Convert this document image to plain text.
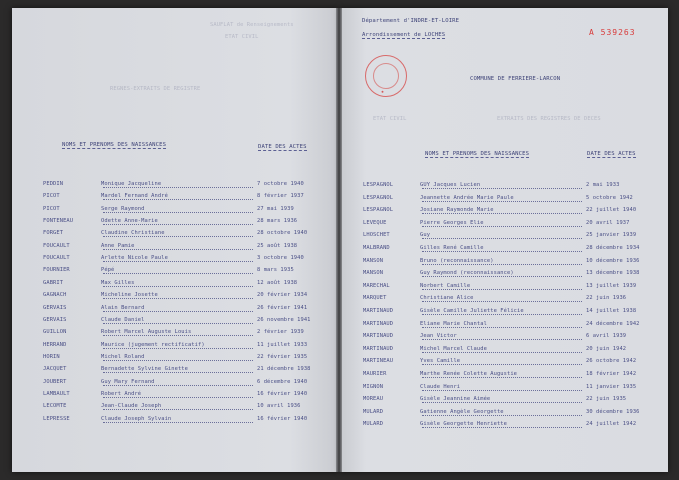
SAUFLAT de Renseignements
ETAT CIVIL
REGNES-EXTRAITS DE REGISTRE
NOMS ET PRENOMS DES NAISSANCES	DATE DES ACTES
PEDDIN	Monique Jacqueline	7 octobre 1940
PICOT	Mardel Fernand André	8 février 1937
PICOT	Serge Raymond	27 mai 1939
FONTENEAU	Odette Anne-Marie	28 mars 1936
FORGET	Claudine Christiane	28 octobre 1940
FOUCAULT	Anne Pamie	25 août 1938
FOUCAULT	Arlette Nicole Paule	3 octobre 1940
FOURNIER	Pépé	8 mars 1935
GABRIT	Max Gilles	12 août 1938
GAGNACH	Micheline Josette	20 février 1934
GERVAIS	Alain Bernard	26 février 1941
GERVAIS	Claude Daniel	26 novembre 1941
GUILLON	Robert Marcel Auguste Louis	2 février 1939
HERRAND	Maurice (jugement rectificatif)	11 juillet 1933
HORIN	Michel Roland	22 février 1935
JACQUET	Bernadette Sylvine Ginette	21 décembre 1938
JOUBERT	Guy Mary Fernand	6 décembre 1940
LAMBAULT	Robert André	16 février 1940
LECOMTE	Jean-Claude Joseph	10 avril 1936
LEPRESSE	Claude Joseph Sylvain	16 février 1940
Département d'INDRE-ET-LOIRE
Arrondissement de LOCHES	A 539263
★
COMMUNE DE FERRIERE-LARCON
ETAT CIVIL	EXTRAITS DES REGISTRES DE DECES
NOMS ET PRENOMS DES NAISSANCES	DATE DES ACTES
LESPAGNOL	GUY Jacques Lucien	2 mai 1933
LESPAGNOL	Jeannette Andrée Marie Paule	5 octobre 1942
LESPAGNOL	Josiane Raymonde Marie	22 juillet 1940
LEVEQUE	Pierre Georges Elie	20 avril 1937
LHOSCHET	Guy	25 janvier 1939
MALBRAND	Gilles René Camille	28 décembre 1934
MANSON	Bruno (reconnaissance)	10 décembre 1936
MANSON	Guy Raymond (reconnaissance)	13 décembre 1938
MARECHAL	Norbert Camille	13 juillet 1939
MARQUET	Christiane Alice	22 juin 1936
MARTINAUD	Gisèle Camille Juliette Félicie	14 juillet 1938
MARTINAUD	Eliane Marie Chantal	24 décembre 1942
MARTINAUD	Jean Victor	6 avril 1939
MARTINAUD	Michel Marcel Claude	20 juin 1942
MARTINEAU	Yves Camille	26 octobre 1942
MAURIER	Marthe Renée Colette Augustie	18 février 1942
MIGNON	Claude Henri	11 janvier 1935
MOREAU	Gisèle Jeannine Aimée	22 juin 1935
MULARD	Gatienne Angèle Georgette	30 décembre 1936
MULARD	Gisèle Georgette Henriette	24 juillet 1942
